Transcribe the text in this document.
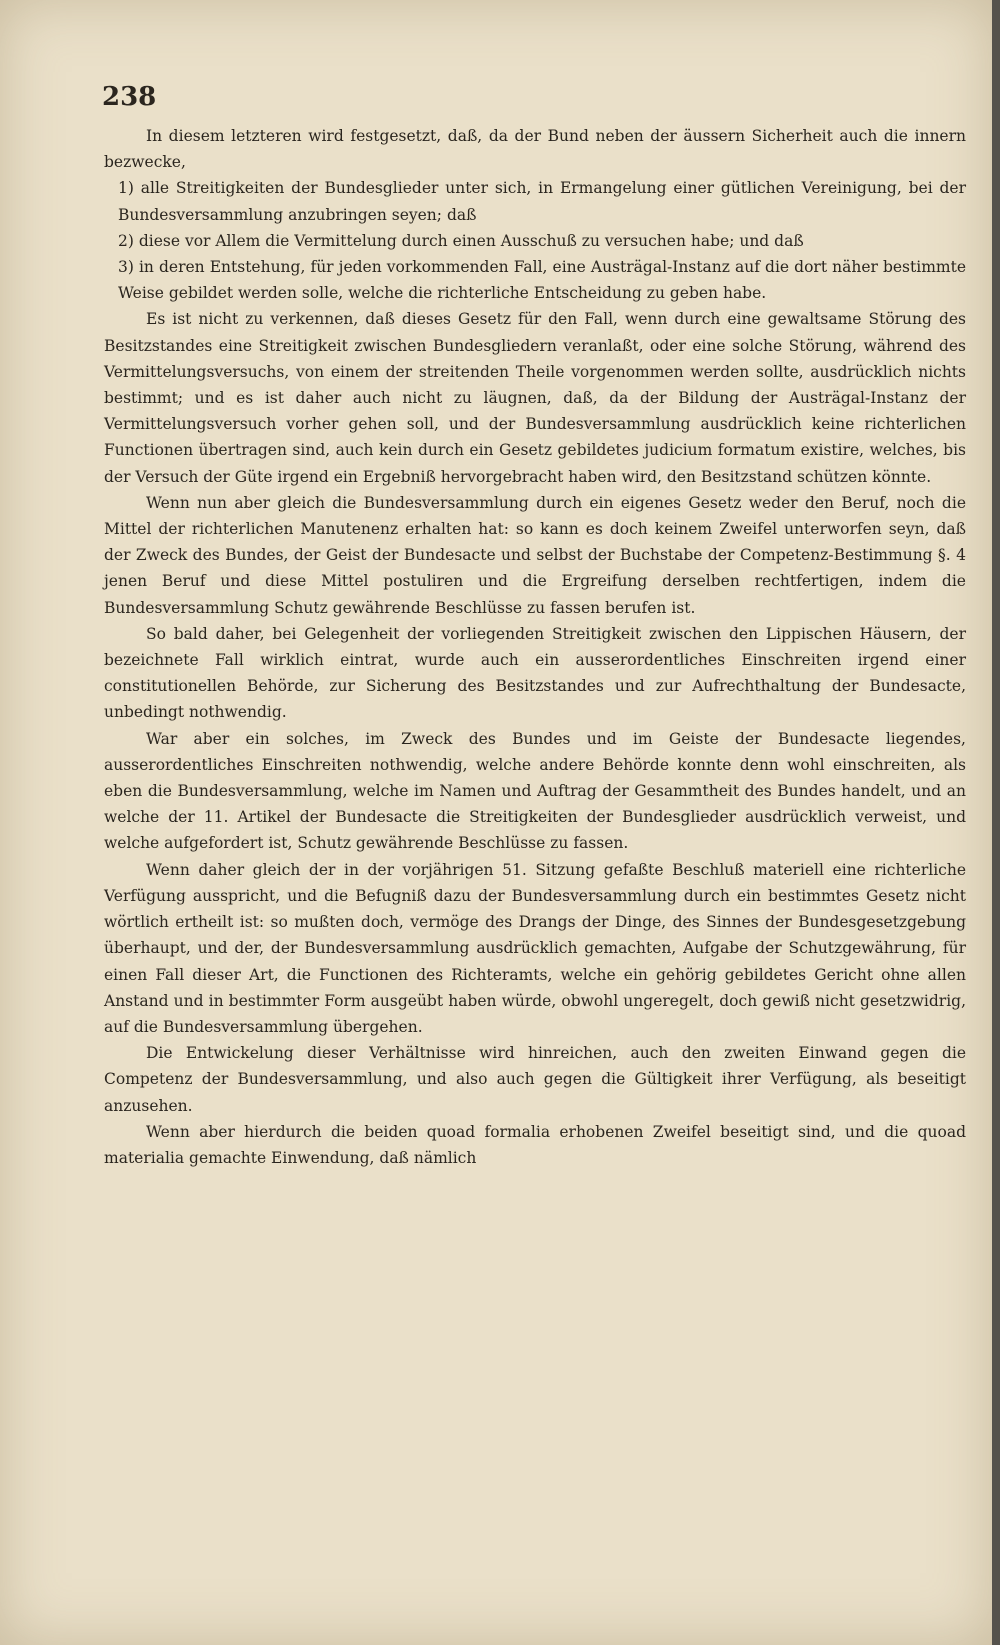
238

In diesem letzteren wird festgesetzt, daß, da der Bund neben der äussern Sicherheit auch die innern bezwecke,

1) alle Streitigkeiten der Bundesglieder unter sich, in Ermangelung einer gütlichen Vereinigung, bei der Bundesversammlung anzubringen seyen; daß

2) diese vor Allem die Vermittelung durch einen Ausschuß zu versuchen habe; und daß

3) in deren Entstehung, für jeden vorkommenden Fall, eine Austrägal-Instanz auf die dort näher bestimmte Weise gebildet werden solle, welche die richterliche Entscheidung zu geben habe.

Es ist nicht zu verkennen, daß dieses Gesetz für den Fall, wenn durch eine gewaltsame Störung des Besitzstandes eine Streitigkeit zwischen Bundesgliedern veranlaßt, oder eine solche Störung, während des Vermittelungsversuchs, von einem der streitenden Theile vorgenommen werden sollte, ausdrücklich nichts bestimmt; und es ist daher auch nicht zu läugnen, daß, da der Bildung der Austrägal-Instanz der Vermittelungsversuch vorher gehen soll, und der Bundesversammlung ausdrücklich keine richterlichen Functionen übertragen sind, auch kein durch ein Gesetz gebildetes judicium formatum existire, welches, bis der Versuch der Güte irgend ein Ergebniß hervorgebracht haben wird, den Besitzstand schützen könnte.

Wenn nun aber gleich die Bundesversammlung durch ein eigenes Gesetz weder den Beruf, noch die Mittel der richterlichen Manutenenz erhalten hat: so kann es doch keinem Zweifel unterworfen seyn, daß der Zweck des Bundes, der Geist der Bundesacte und selbst der Buchstabe der Competenz-Bestimmung §. 4 jenen Beruf und diese Mittel postuliren und die Ergreifung derselben rechtfertigen, indem die Bundesversammlung Schutz gewährende Beschlüsse zu fassen berufen ist.

So bald daher, bei Gelegenheit der vorliegenden Streitigkeit zwischen den Lippischen Häusern, der bezeichnete Fall wirklich eintrat, wurde auch ein ausserordentliches Einschreiten irgend einer constitutionellen Behörde, zur Sicherung des Besitzstandes und zur Aufrechthaltung der Bundesacte, unbedingt nothwendig.

War aber ein solches, im Zweck des Bundes und im Geiste der Bundesacte liegendes, ausserordentliches Einschreiten nothwendig, welche andere Behörde konnte denn wohl einschreiten, als eben die Bundesversammlung, welche im Namen und Auftrag der Gesammtheit des Bundes handelt, und an welche der 11. Artikel der Bundesacte die Streitigkeiten der Bundesglieder ausdrücklich verweist, und welche aufgefordert ist, Schutz gewährende Beschlüsse zu fassen.

Wenn daher gleich der in der vorjährigen 51. Sitzung gefaßte Beschluß materiell eine richterliche Verfügung ausspricht, und die Befugniß dazu der Bundesversammlung durch ein bestimmtes Gesetz nicht wörtlich ertheilt ist: so mußten doch, vermöge des Drangs der Dinge, des Sinnes der Bundesgesetzgebung überhaupt, und der, der Bundesversammlung ausdrücklich gemachten, Aufgabe der Schutzgewährung, für einen Fall dieser Art, die Functionen des Richteramts, welche ein gehörig gebildetes Gericht ohne allen Anstand und in bestimmter Form ausgeübt haben würde, obwohl ungeregelt, doch gewiß nicht gesetzwidrig, auf die Bundesversammlung übergehen.

Die Entwickelung dieser Verhältnisse wird hinreichen, auch den zweiten Einwand gegen die Competenz der Bundesversammlung, und also auch gegen die Gültigkeit ihrer Verfügung, als beseitigt anzusehen.

Wenn aber hierdurch die beiden quoad formalia erhobenen Zweifel beseitigt sind, und die quoad materialia gemachte Einwendung, daß nämlich
